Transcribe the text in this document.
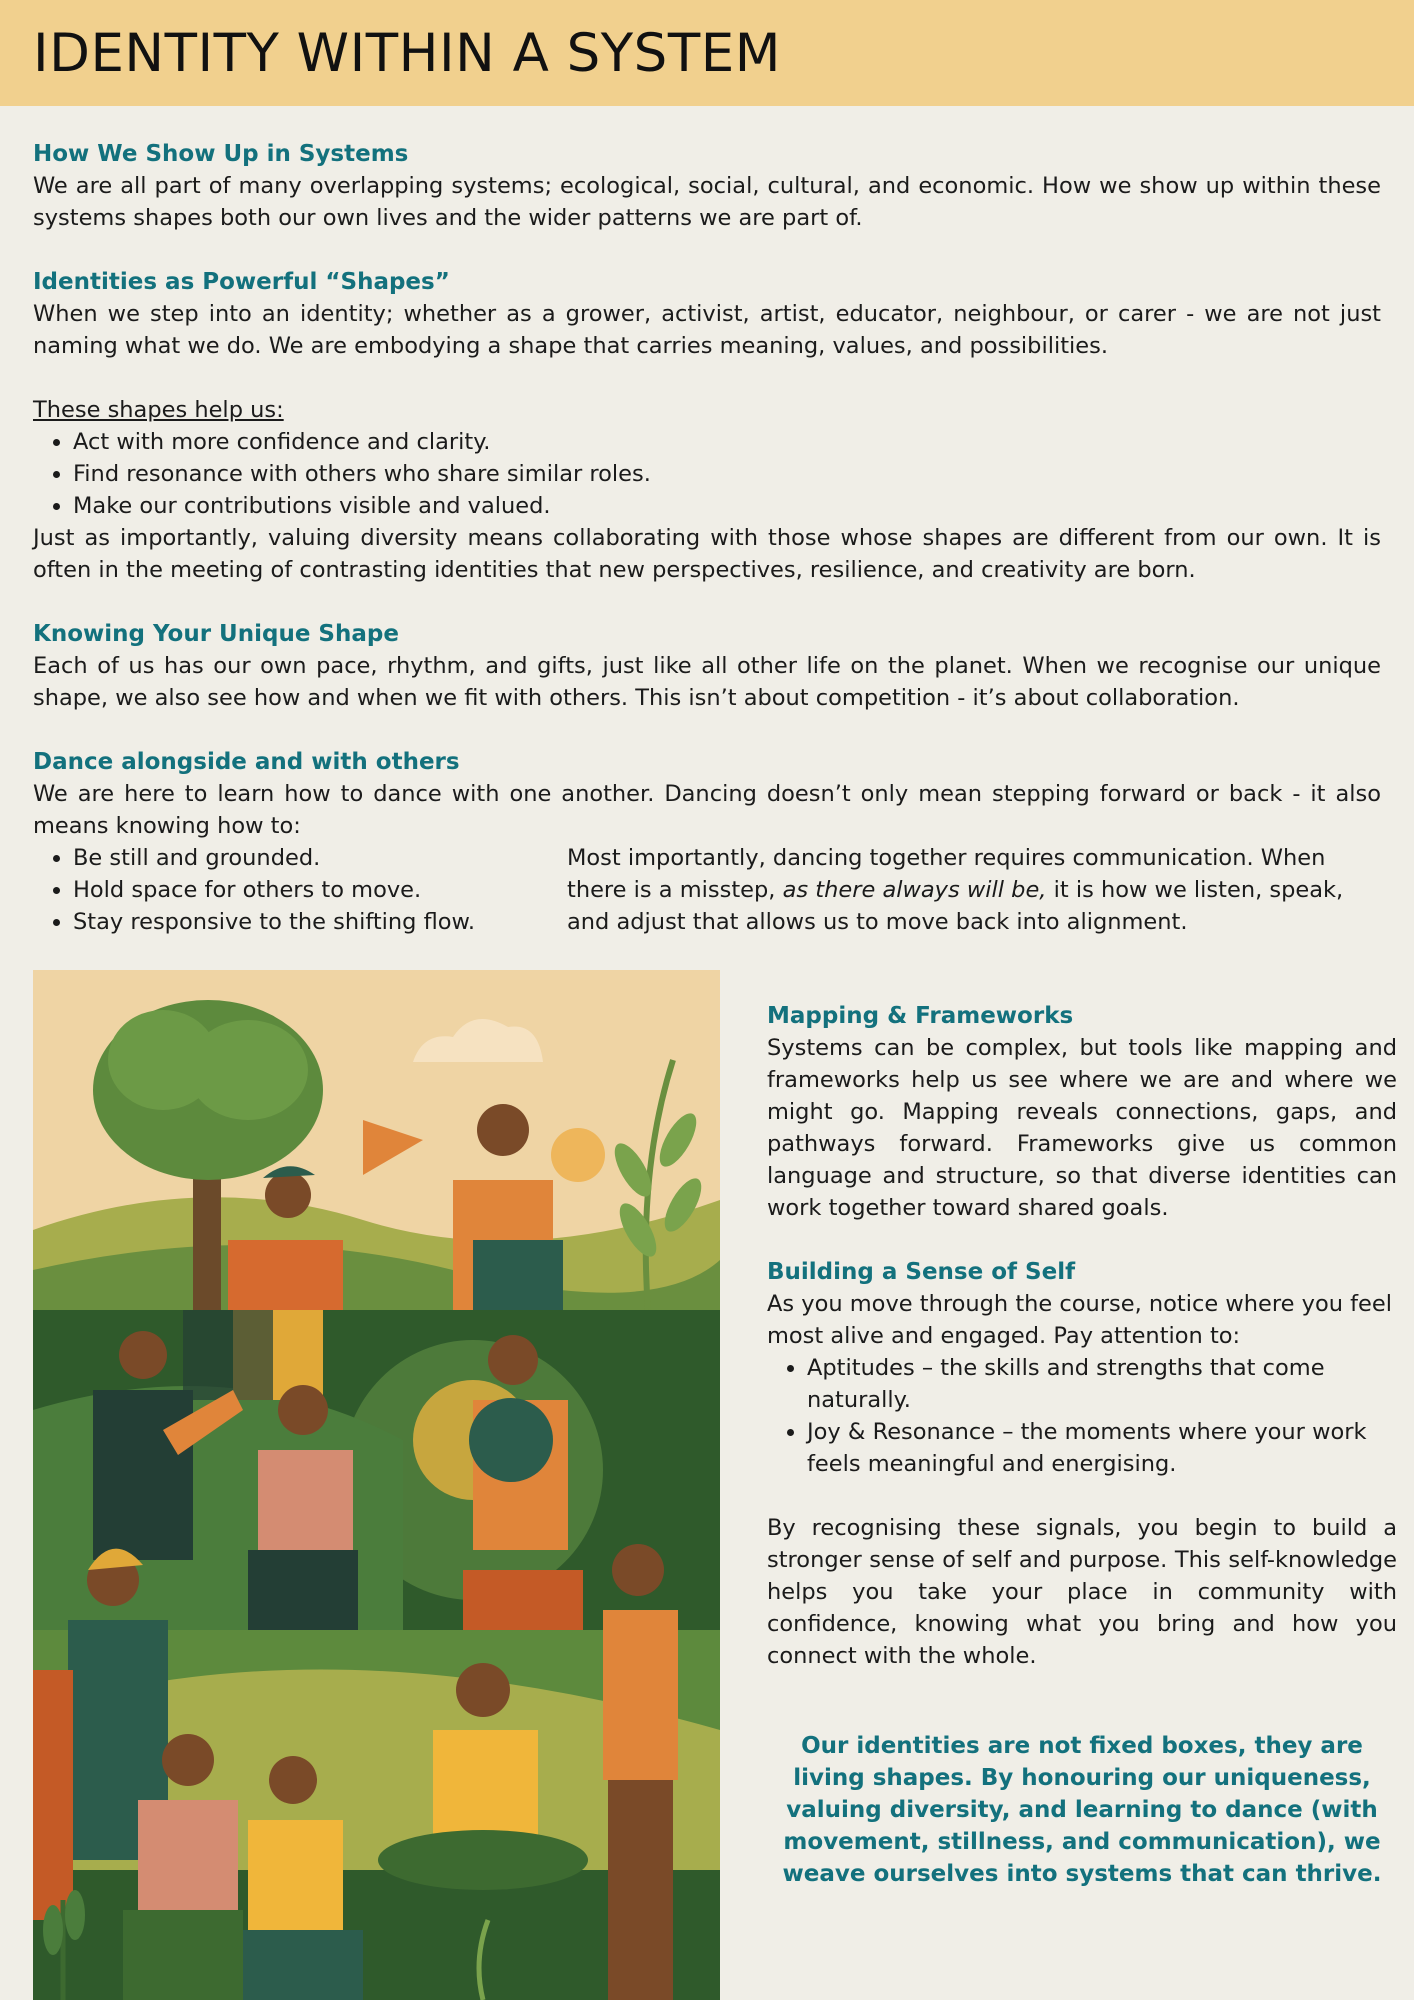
IDENTITY WITHIN A SYSTEM
How We Show Up in Systems

We are all part of many overlapping systems; ecological, social, cultural, and economic. How we show up within these systems shapes both our own lives and the wider patterns we are part of.

Identities as Powerful “Shapes”

When we step into an identity; whether as a grower, activist, artist, educator, neighbour, or carer - we are not just naming what we do. We are embodying a shape that carries meaning, values, and possibilities.

These shapes help us:
• Act with more confidence and clarity.
• Find resonance with others who share similar roles.
• Make our contributions visible and valued.

Just as importantly, valuing diversity means collaborating with those whose shapes are different from our own. It is often in the meeting of contrasting identities that new perspectives, resilience, and creativity are born.

Knowing Your Unique Shape

Each of us has our own pace, rhythm, and gifts, just like all other life on the planet. When we recognise our unique shape, we also see how and when we fit with others. This isn’t about competition - it’s about collaboration.

Dance alongside and with others

We are here to learn how to dance with one another. Dancing doesn’t only mean stepping forward or back - it also means knowing how to:

• Be still and grounded.
• Hold space for others to move.
• Stay responsive to the shifting flow.

Most importantly, dancing together requires communication. When there is a misstep, as there always will be, it is how we listen, speak, and adjust that allows us to move back into alignment.

Mapping & Frameworks

Systems can be complex, but tools like mapping and frameworks help us see where we are and where we might go. Mapping reveals connections, gaps, and pathways forward. Frameworks give us common language and structure, so that diverse identities can work together toward shared goals.

Building a Sense of Self

As you move through the course, notice where you feel most alive and engaged. Pay attention to:

• Aptitudes – the skills and strengths that come naturally.
• Joy & Resonance – the moments where your work feels meaningful and energising.

By recognising these signals, you begin to build a stronger sense of self and purpose. This self-knowledge helps you take your place in community with confidence, knowing what you bring and how you connect with the whole.

Our identities are not fixed boxes, they are living shapes. By honouring our uniqueness, valuing diversity, and learning to dance (with movement, stillness, and communication), we weave ourselves into systems that can thrive.
